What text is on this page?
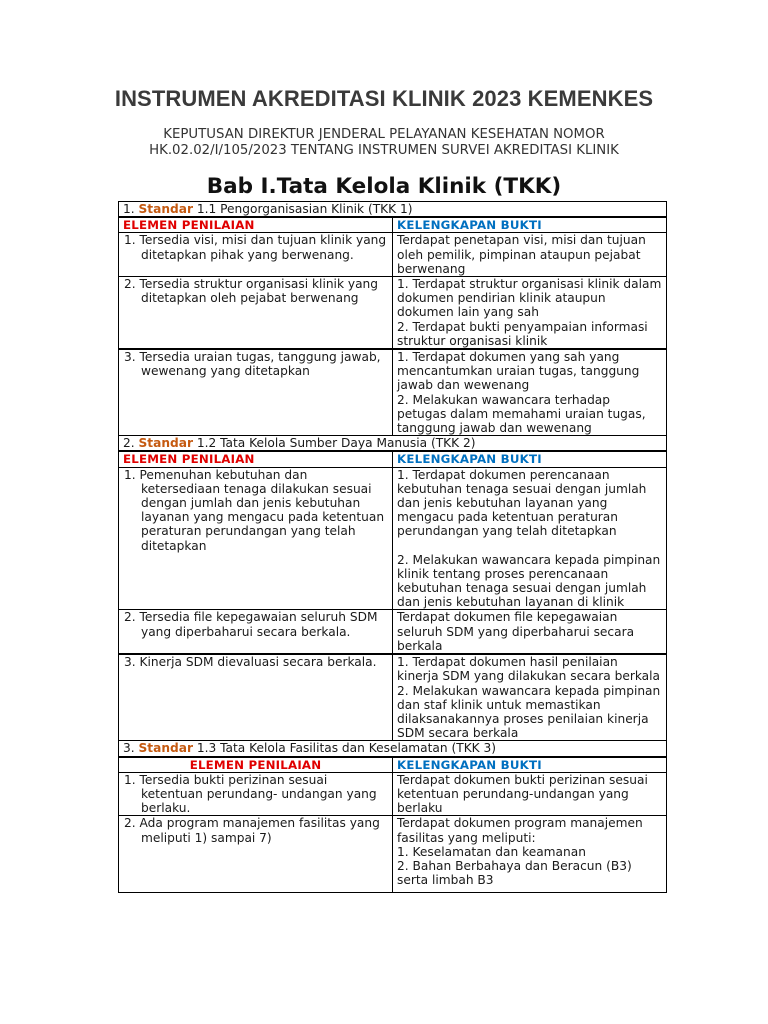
INSTRUMEN AKREDITASI KLINIK 2023 KEMENKES
KEPUTUSAN DIREKTUR JENDERAL PELAYANAN KESEHATAN NOMOR
HK.02.02/I/105/2023 TENTANG INSTRUMEN SURVEI AKREDITASI KLINIK
Bab I.Tata Kelola Klinik (TKK)
1. Standar 1.1 Pengorganisasian Klinik (TKK 1)	
ELEMEN PENILAIAN	KELENGKAPAN BUKTI
1. Tersedia visi, misi dan tujuan klinik yang ditetapkan pihak yang berwenang.	Terdapat penetapan visi, misi dan tujuan oleh pemilik, pimpinan ataupun pejabat berwenang

2. Tersedia struktur organisasi klinik yang ditetapkan oleh pejabat berwenang	1. Terdapat struktur organisasi klinik dalam dokumen pendirian klinik ataupun dokumen lain yang sah
2. Terdapat bukti penyampaian informasi struktur organisasi klinik

3. Tersedia uraian tugas, tanggung jawab, wewenang yang ditetapkan	1. Terdapat dokumen yang sah yang mencantumkan uraian tugas, tanggung jawab dan wewenang
2. Melakukan wawancara terhadap petugas dalam memahami uraian tugas, tanggung jawab dan wewenang

2. Standar 1.2 Tata Kelola Sumber Daya Manusia (TKK 2)	
ELEMEN PENILAIAN	KELENGKAPAN BUKTI
1. Pemenuhan kebutuhan dan ketersediaan tenaga dilakukan sesuai dengan jumlah dan jenis kebutuhan layanan yang mengacu pada ketentuan peraturan perundangan yang telah ditetapkan	1. Terdapat dokumen perencanaan kebutuhan tenaga sesuai dengan jumlah dan jenis kebutuhan layanan yang mengacu pada ketentuan peraturan perundangan yang telah ditetapkan
2. Melakukan wawancara kepada pimpinan klinik tentang proses perencanaan kebutuhan tenaga sesuai dengan jumlah dan jenis kebutuhan layanan di klinik

2. Tersedia file kepegawaian seluruh SDM yang diperbaharui secara berkala.	Terdapat dokumen file kepegawaian seluruh SDM yang diperbaharui secara berkala

3. Kinerja SDM dievaluasi secara berkala.	1. Terdapat dokumen hasil penilaian kinerja SDM yang dilakukan secara berkala
2. Melakukan wawancara kepada pimpinan dan staf klinik untuk memastikan dilaksanakannya proses penilaian kinerja SDM secara berkala

3. Standar 1.3 Tata Kelola Fasilitas dan Keselamatan (TKK 3)	
ELEMEN PENILAIAN	KELENGKAPAN BUKTI
1. Tersedia bukti perizinan sesuai ketentuan perundang- undangan yang berlaku.	Terdapat dokumen bukti perizinan sesuai ketentuan perundang-undangan yang berlaku

2. Ada program manajemen fasilitas yang meliputi 1) sampai 7)	Terdapat dokumen program manajemen fasilitas yang meliputi:
1. Keselamatan dan keamanan
2. Bahan Berbahaya dan Beracun (B3) serta limbah B3
